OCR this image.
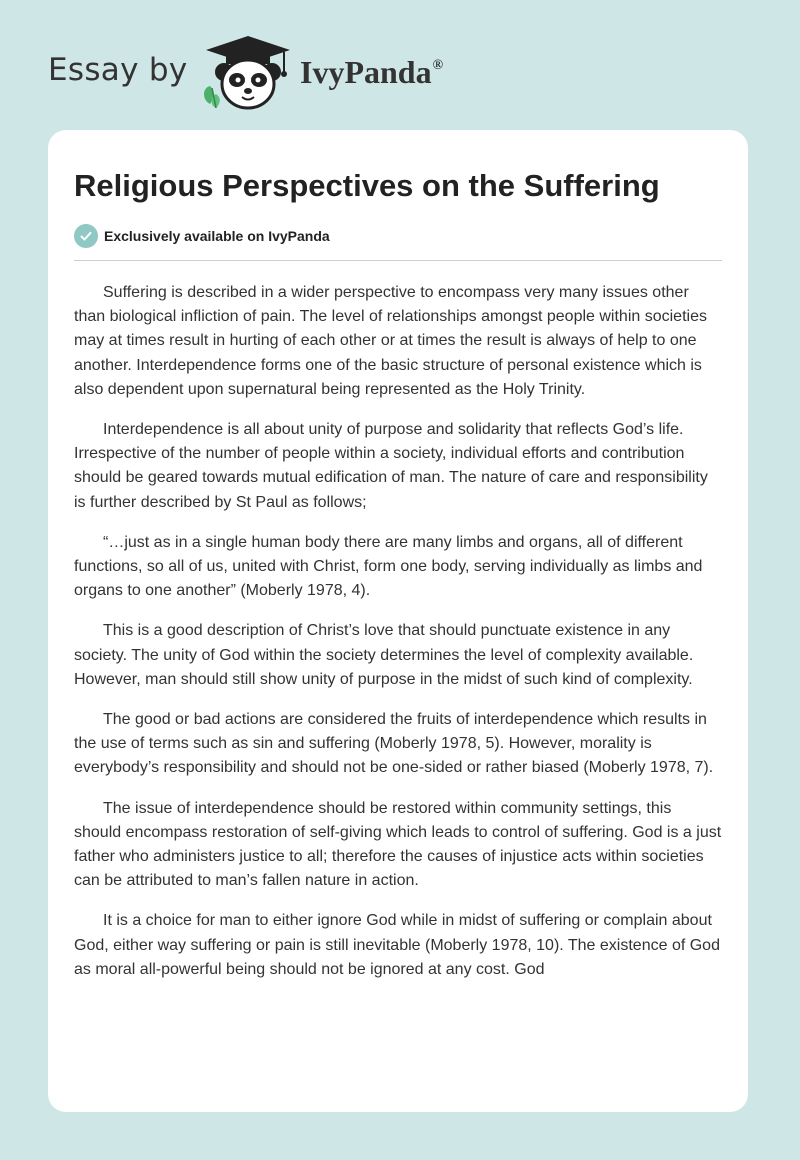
Essay by	IvyPanda®
Religious Perspectives on the Suffering
Exclusively available on IvyPanda

Suffering is described in a wider perspective to encompass very many issues other than biological infliction of pain. The level of relationships amongst people within societies may at times result in hurting of each other or at times the result is always of help to one another. Interdependence forms one of the basic structure of personal existence which is also dependent upon supernatural being represented as the Holy Trinity.

Interdependence is all about unity of purpose and solidarity that reflects God’s life. Irrespective of the number of people within a society, individual efforts and contribution should be geared towards mutual edification of man. The nature of care and responsibility is further described by St Paul as follows;

“…just as in a single human body there are many limbs and organs, all of different functions, so all of us, united with Christ, form one body, serving individually as limbs and organs to one another” (Moberly 1978, 4).

This is a good description of Christ’s love that should punctuate existence in any society. The unity of God within the society determines the level of complexity available. However, man should still show unity of purpose in the midst of such kind of complexity.

The good or bad actions are considered the fruits of interdependence which results in the use of terms such as sin and suffering (Moberly 1978, 5). However, morality is everybody’s responsibility and should not be one-sided or rather biased (Moberly 1978, 7).

The issue of interdependence should be restored within community settings, this should encompass restoration of self-giving which leads to control of suffering. God is a just father who administers justice to all; therefore the causes of injustice acts within societies can be attributed to man’s fallen nature in action.

It is a choice for man to either ignore God while in midst of suffering or complain about God, either way suffering or pain is still inevitable (Moberly 1978, 10). The existence of God as moral all-powerful being should not be ignored at any cost. God
